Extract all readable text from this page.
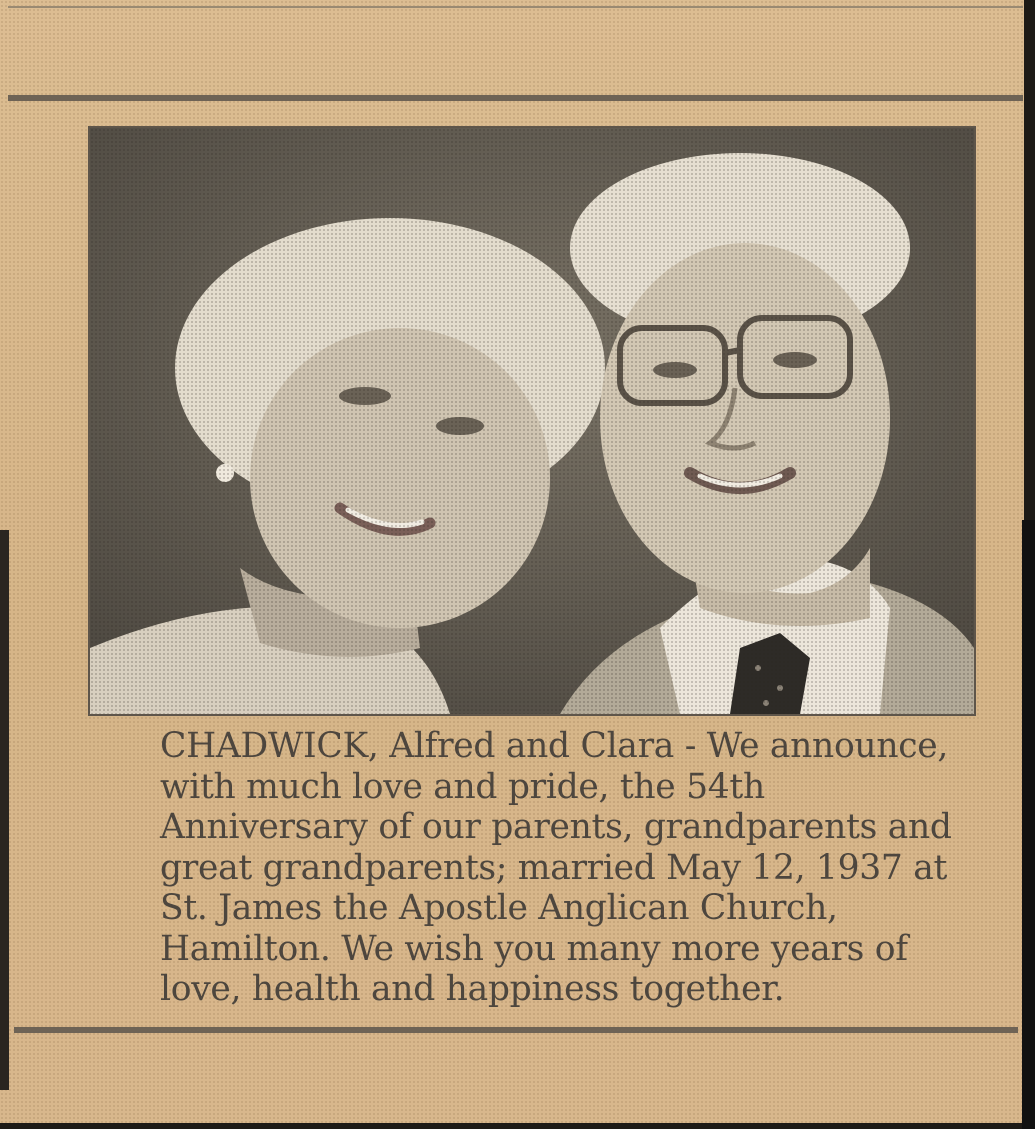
CHADWICK, Alfred and Clara - We announce,
with much love and pride, the 54th
Anniversary of our parents, grandparents and
great grandparents; married May 12, 1937 at
St. James the Apostle Anglican Church,
Hamilton. We wish you many more years of
love, health and happiness together.
